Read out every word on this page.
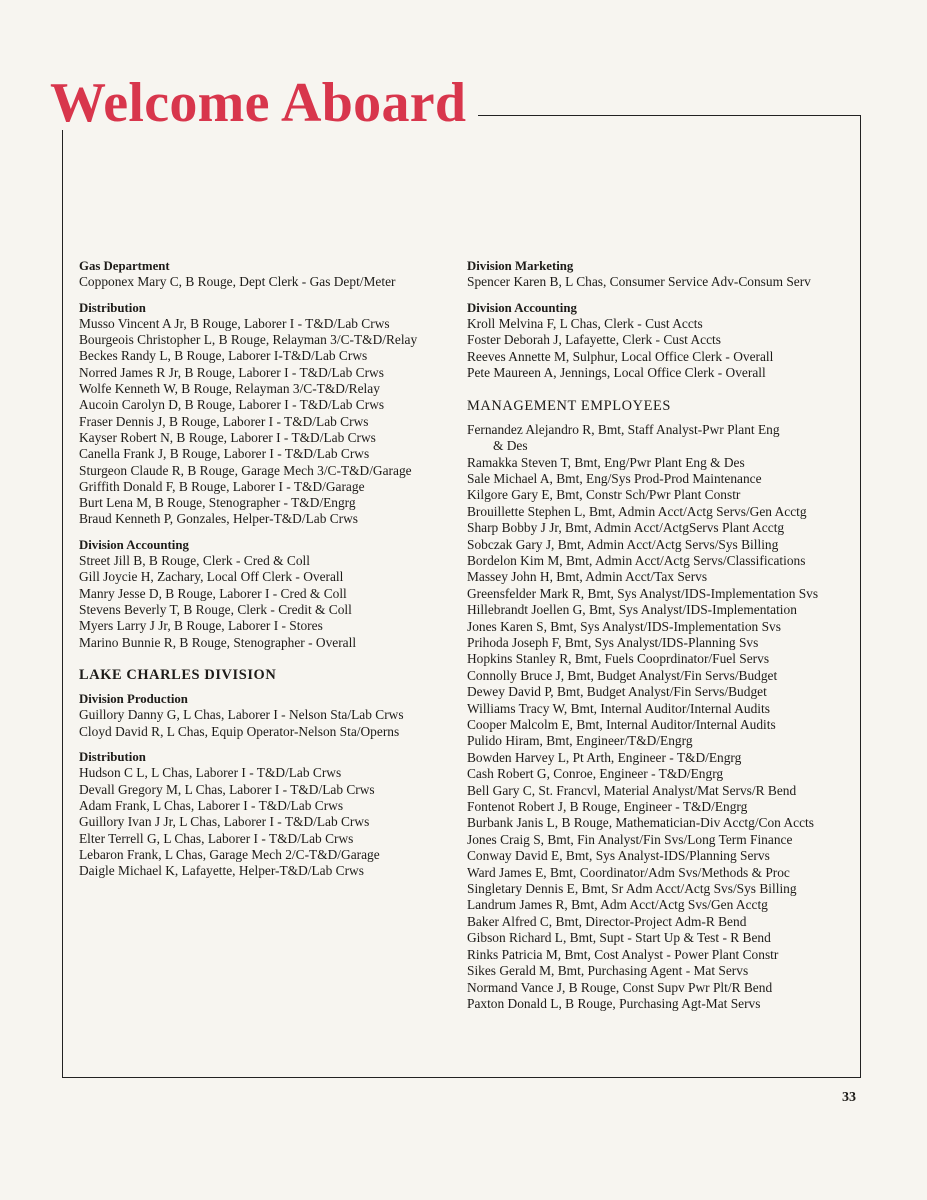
Welcome Aboard
Gas Department
Copponex Mary C, B Rouge, Dept Clerk - Gas Dept/Meter
Distribution
Musso Vincent A Jr, B Rouge, Laborer I - T&D/Lab Crws
Bourgeois Christopher L, B Rouge, Relayman 3/C-T&D/Relay
Beckes Randy L, B Rouge, Laborer I-T&D/Lab Crws
Norred James R Jr, B Rouge, Laborer I - T&D/Lab Crws
Wolfe Kenneth W, B Rouge, Relayman 3/C-T&D/Relay
Aucoin Carolyn D, B Rouge, Laborer I - T&D/Lab Crws
Fraser Dennis J, B Rouge, Laborer I - T&D/Lab Crws
Kayser Robert N, B Rouge, Laborer I - T&D/Lab Crws
Canella Frank J, B Rouge, Laborer I - T&D/Lab Crws
Sturgeon Claude R, B Rouge, Garage Mech 3/C-T&D/Garage
Griffith Donald F, B Rouge, Laborer I - T&D/Garage
Burt Lena M, B Rouge, Stenographer - T&D/Engrg
Braud Kenneth P, Gonzales, Helper-T&D/Lab Crws
Division Accounting
Street Jill B, B Rouge, Clerk - Cred & Coll
Gill Joycie H, Zachary, Local Off Clerk - Overall
Manry Jesse D, B Rouge, Laborer I - Cred & Coll
Stevens Beverly T, B Rouge, Clerk - Credit & Coll
Myers Larry J Jr, B Rouge, Laborer I - Stores
Marino Bunnie R, B Rouge, Stenographer - Overall
LAKE CHARLES DIVISION
Division Production
Guillory Danny G, L Chas, Laborer I - Nelson Sta/Lab Crws
Cloyd David R, L Chas, Equip Operator-Nelson Sta/Operns
Distribution
Hudson C L, L Chas, Laborer I - T&D/Lab Crws
Devall Gregory M, L Chas, Laborer I - T&D/Lab Crws
Adam Frank, L Chas, Laborer I - T&D/Lab Crws
Guillory Ivan J Jr, L Chas, Laborer I - T&D/Lab Crws
Elter Terrell G, L Chas, Laborer I - T&D/Lab Crws
Lebaron Frank, L Chas, Garage Mech 2/C-T&D/Garage
Daigle Michael K, Lafayette, Helper-T&D/Lab Crws
Division Marketing
Spencer Karen B, L Chas, Consumer Service Adv-Consum Serv
Division Accounting
Kroll Melvina F, L Chas, Clerk - Cust Accts
Foster Deborah J, Lafayette, Clerk - Cust Accts
Reeves Annette M, Sulphur, Local Office Clerk - Overall
Pete Maureen A, Jennings, Local Office Clerk - Overall
MANAGEMENT EMPLOYEES
Fernandez Alejandro R, Bmt, Staff Analyst-Pwr Plant Eng
& Des
Ramakka Steven T, Bmt, Eng/Pwr Plant Eng & Des
Sale Michael A, Bmt, Eng/Sys Prod-Prod Maintenance
Kilgore Gary E, Bmt, Constr Sch/Pwr Plant Constr
Brouillette Stephen L, Bmt, Admin Acct/Actg Servs/Gen Acctg
Sharp Bobby J Jr, Bmt, Admin Acct/ActgServs Plant Acctg
Sobczak Gary J, Bmt, Admin Acct/Actg Servs/Sys Billing
Bordelon Kim M, Bmt, Admin Acct/Actg Servs/Classifications
Massey John H, Bmt, Admin Acct/Tax Servs
Greensfelder Mark R, Bmt, Sys Analyst/IDS-Implementation Svs
Hillebrandt Joellen G, Bmt, Sys Analyst/IDS-Implementation
Jones Karen S, Bmt, Sys Analyst/IDS-Implementation Svs
Prihoda Joseph F, Bmt, Sys Analyst/IDS-Planning Svs
Hopkins Stanley R, Bmt, Fuels Cooprdinator/Fuel Servs
Connolly Bruce J, Bmt, Budget Analyst/Fin Servs/Budget
Dewey David P, Bmt, Budget Analyst/Fin Servs/Budget
Williams Tracy W, Bmt, Internal Auditor/Internal Audits
Cooper Malcolm E, Bmt, Internal Auditor/Internal Audits
Pulido Hiram, Bmt, Engineer/T&D/Engrg
Bowden Harvey L, Pt Arth, Engineer - T&D/Engrg
Cash Robert G, Conroe, Engineer - T&D/Engrg
Bell Gary C, St. Francvl, Material Analyst/Mat Servs/R Bend
Fontenot Robert J, B Rouge, Engineer - T&D/Engrg
Burbank Janis L, B Rouge, Mathematician-Div Acctg/Con Accts
Jones Craig S, Bmt, Fin Analyst/Fin Svs/Long Term Finance
Conway David E, Bmt, Sys Analyst-IDS/Planning Servs
Ward James E, Bmt, Coordinator/Adm Svs/Methods & Proc
Singletary Dennis E, Bmt, Sr Adm Acct/Actg Svs/Sys Billing
Landrum James R, Bmt, Adm Acct/Actg Svs/Gen Acctg
Baker Alfred C, Bmt, Director-Project Adm-R Bend
Gibson Richard L, Bmt, Supt - Start Up & Test - R Bend
Rinks Patricia M, Bmt, Cost Analyst - Power Plant Constr
Sikes Gerald M, Bmt, Purchasing Agent - Mat Servs
Normand Vance J, B Rouge, Const Supv Pwr Plt/R Bend
Paxton Donald L, B Rouge, Purchasing Agt-Mat Servs
33
